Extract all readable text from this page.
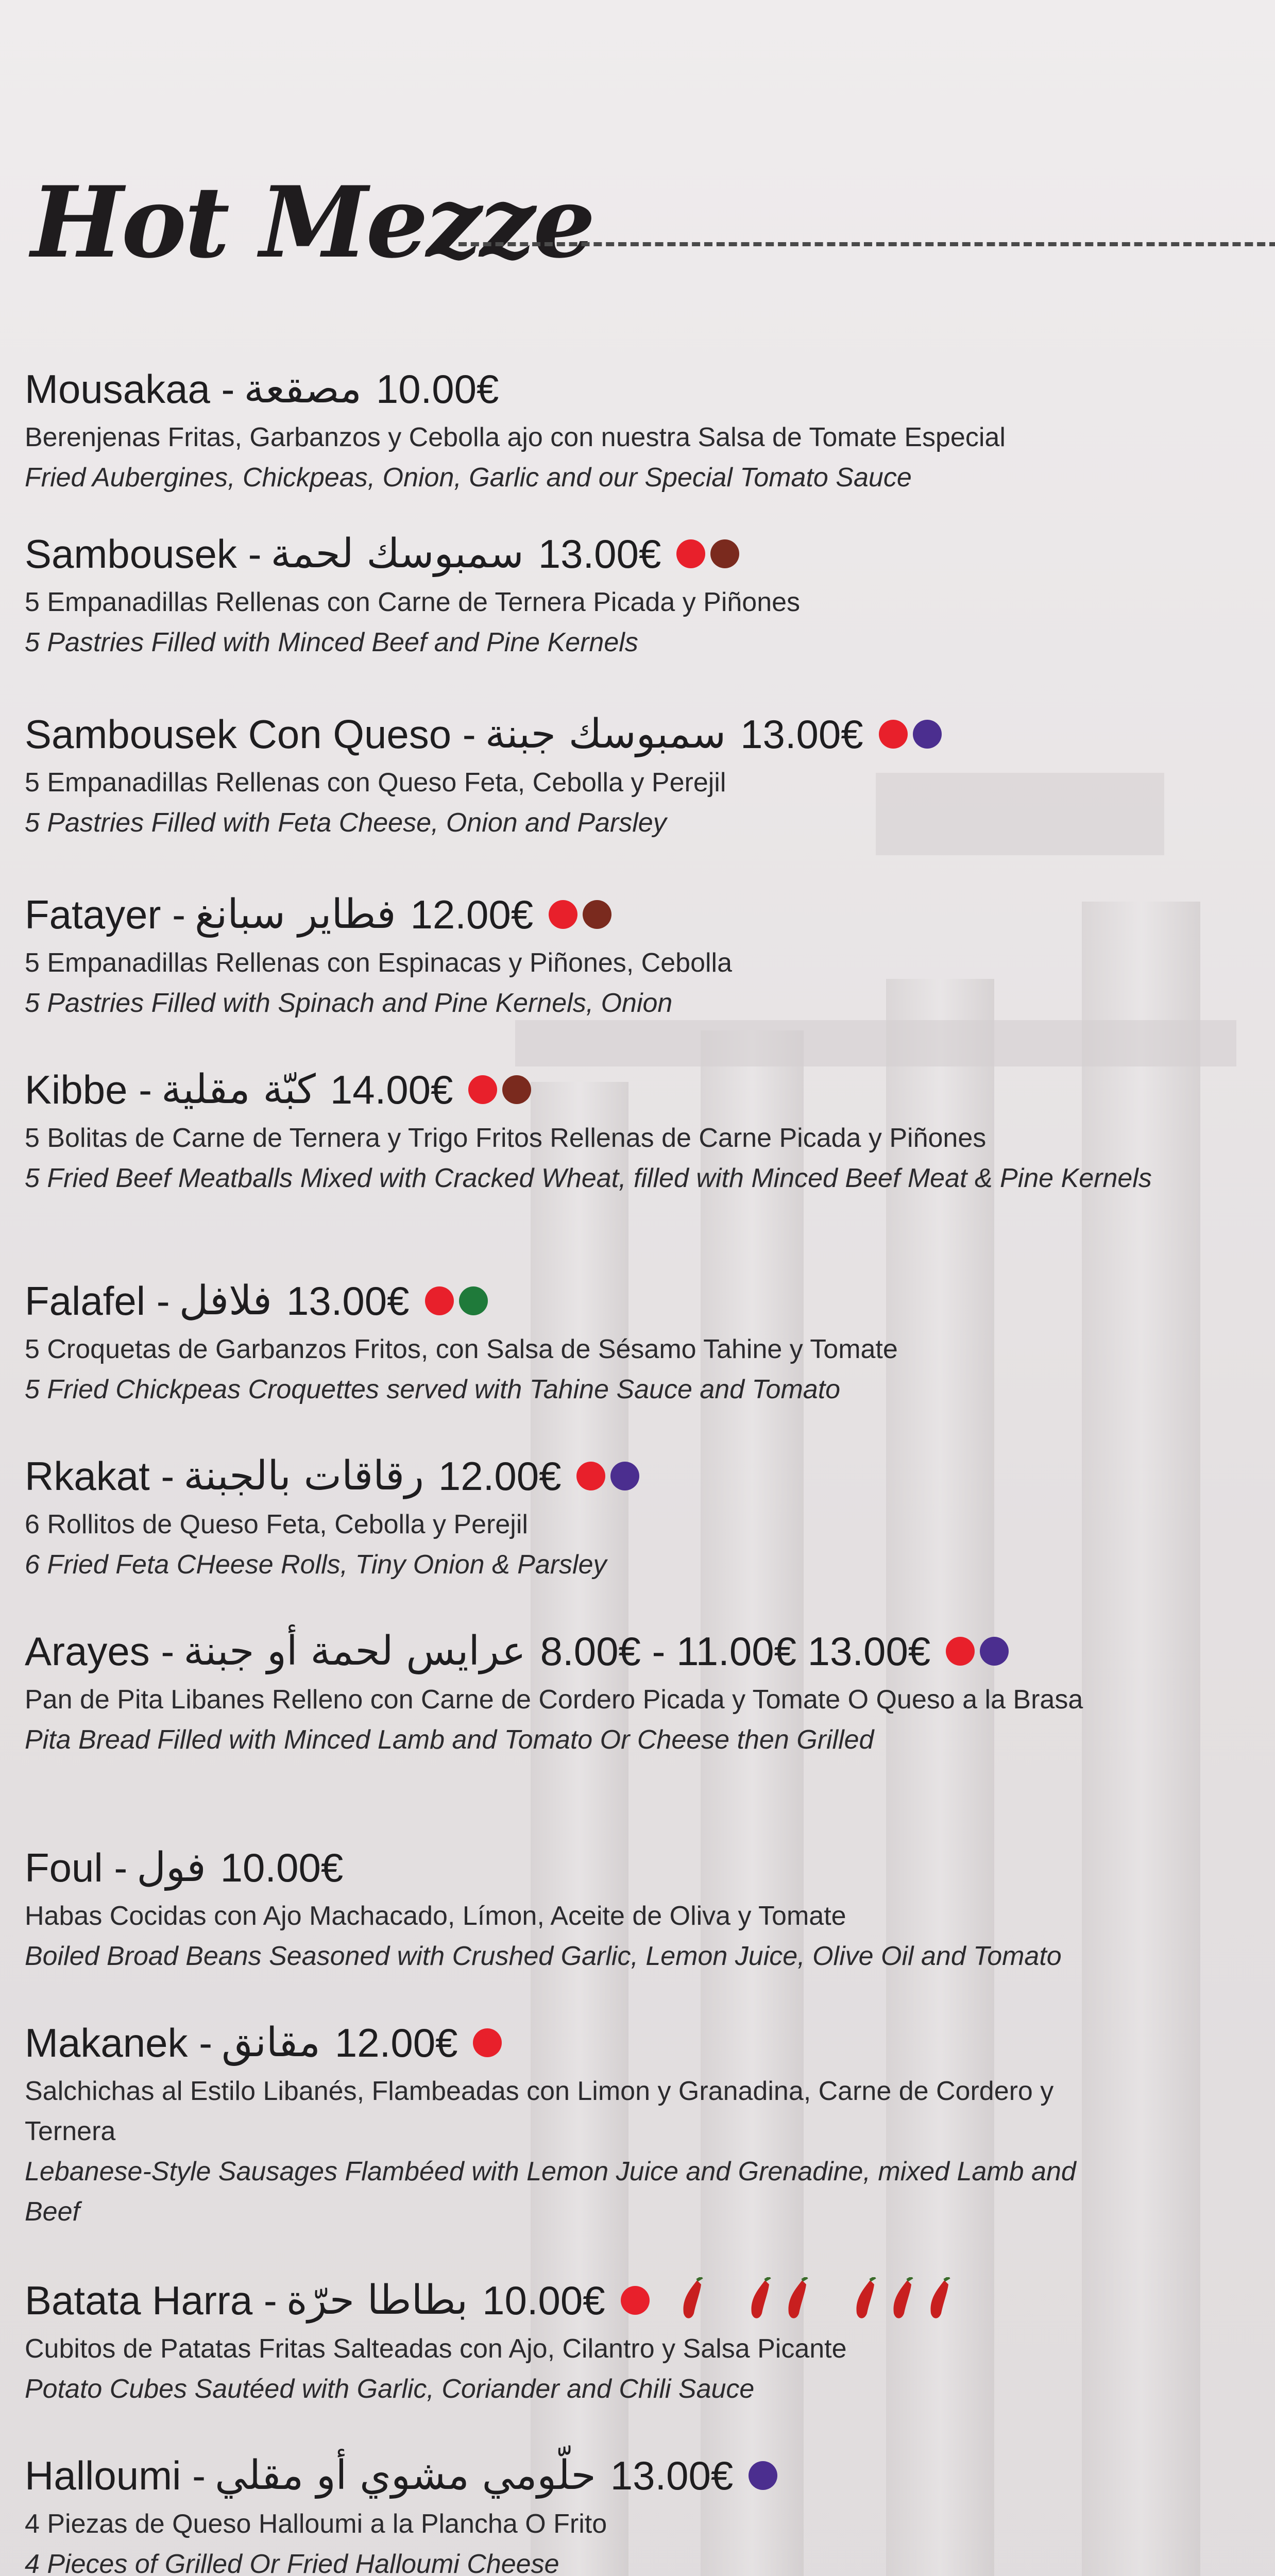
Hot Mezze
Mousakaa - مصقعة 10.00€
Berenjenas Fritas, Garbanzos y Cebolla ajo con nuestra Salsa de Tomate Especial
Fried Aubergines, Chickpeas, Onion, Garlic and our Special Tomato Sauce
Sambousek - سمبوسك لحمة 13.00€
5 Empanadillas Rellenas con Carne de Ternera Picada y Piñones
5 Pastries Filled with Minced Beef and Pine Kernels
Sambousek Con Queso - سمبوسك جبنة 13.00€
5 Empanadillas Rellenas con Queso Feta, Cebolla y Perejil
5 Pastries Filled with Feta Cheese, Onion and Parsley
Fatayer - فطاير سبانغ 12.00€
5 Empanadillas Rellenas con Espinacas y Piñones, Cebolla
5 Pastries Filled with Spinach and Pine Kernels, Onion
Kibbe - كبّة مقلية 14.00€
5 Bolitas de Carne de Ternera y Trigo Fritos Rellenas de Carne Picada y Piñones
5 Fried Beef Meatballs Mixed with Cracked Wheat, filled with Minced Beef Meat & Pine Kernels
Falafel - فلافل 13.00€
5 Croquetas de Garbanzos Fritos, con Salsa de Sésamo Tahine y Tomate
5 Fried Chickpeas Croquettes served with Tahine Sauce and Tomato
Rkakat - رقاقات بالجبنة 12.00€
6 Rollitos de Queso Feta, Cebolla y Perejil
6 Fried Feta CHeese Rolls, Tiny Onion & Parsley
Arayes - عرايس لحمة أو جبنة 8.00€ - 11.00€ 13.00€
Pan de Pita Libanes Relleno con Carne de Cordero Picada y Tomate O Queso a la Brasa
Pita Bread Filled with Minced Lamb and Tomato Or Cheese then Grilled
Foul - فول 10.00€
Habas Cocidas con Ajo Machacado, Límon, Aceite de Oliva y Tomate
Boiled Broad Beans Seasoned with Crushed Garlic, Lemon Juice, Olive Oil and Tomato
Makanek - مقانق 12.00€
Salchichas al Estilo Libanés, Flambeadas con Limon y Granadina, Carne de Cordero y Ternera
Lebanese-Style Sausages Flambéed with Lemon Juice and Grenadine, mixed Lamb and Beef
Batata Harra - بطاطا حرّة 10.00€
Cubitos de Patatas Fritas Salteadas con Ajo, Cilantro y Salsa Picante
Potato Cubes Sautéed with Garlic, Coriander and Chili Sauce
Halloumi - حلّومي مشوي أو مقلي 13.00€
4 Piezas de Queso Halloumi a la Plancha O Frito
4 Pieces of Grilled Or Fried Halloumi Cheese
